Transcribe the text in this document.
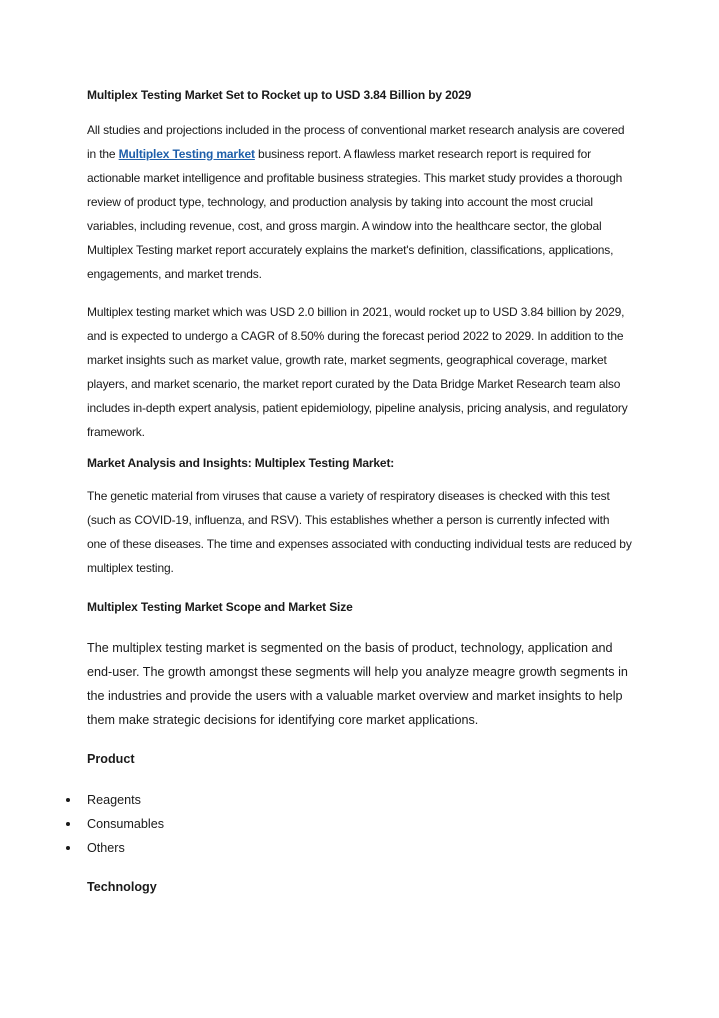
Multiplex Testing Market Set to Rocket up to USD 3.84 Billion by 2029

All studies and projections included in the process of conventional market research analysis are covered in the Multiplex Testing market business report. A flawless market research report is required for actionable market intelligence and profitable business strategies. This market study provides a thorough review of product type, technology, and production analysis by taking into account the most crucial variables, including revenue, cost, and gross margin. A window into the healthcare sector, the global Multiplex Testing market report accurately explains the market's definition, classifications, applications, engagements, and market trends.

Multiplex testing market which was USD 2.0 billion in 2021, would rocket up to USD 3.84 billion by 2029, and is expected to undergo a CAGR of 8.50% during the forecast period 2022 to 2029. In addition to the market insights such as market value, growth rate, market segments, geographical coverage, market players, and market scenario, the market report curated by the Data Bridge Market Research team also includes in-depth expert analysis, patient epidemiology, pipeline analysis, pricing analysis, and regulatory framework.

Market Analysis and Insights: Multiplex Testing Market:

The genetic material from viruses that cause a variety of respiratory diseases is checked with this test (such as COVID-19, influenza, and RSV). This establishes whether a person is currently infected with one of these diseases. The time and expenses associated with conducting individual tests are reduced by multiplex testing.

Multiplex Testing Market Scope and Market Size

The multiplex testing market is segmented on the basis of product, technology, application and end-user. The growth amongst these segments will help you analyze meagre growth segments in the industries and provide the users with a valuable market overview and market insights to help them make strategic decisions for identifying core market applications.

Product

Reagents
Consumables
Others

Technology
